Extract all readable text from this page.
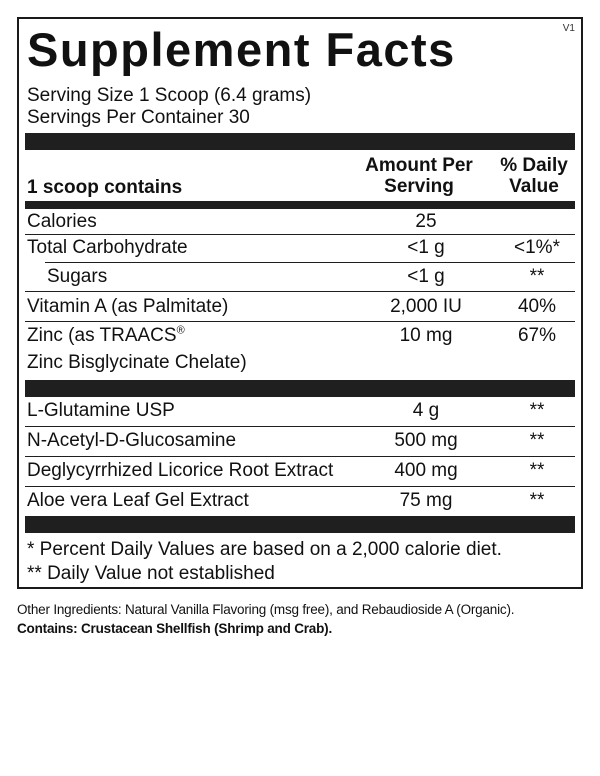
V1
Supplement Facts
Serving Size 1 Scoop (6.4 grams)
Servings Per Container 30
1 scoop contains
Amount Per
Serving
% Daily
Value
Calories	25
Total Carbohydrate	<1 g	<1%*
Sugars	<1 g	**
Vitamin A (as Palmitate)	2,000 IU	40%
Zinc (as TRAACS®	10 mg	67%
Zinc Bisglycinate Chelate)
L-Glutamine USP	4 g	**
N-Acetyl-D-Glucosamine	500 mg	**
Deglycyrrhized Licorice Root Extract	400 mg	**
Aloe vera Leaf Gel Extract	75 mg	**
* Percent Daily Values are based on a 2,000 calorie diet.
** Daily Value not established
Other Ingredients: Natural Vanilla Flavoring (msg free), and Rebaudioside A (Organic).
Contains: Crustacean Shellfish (Shrimp and Crab).
